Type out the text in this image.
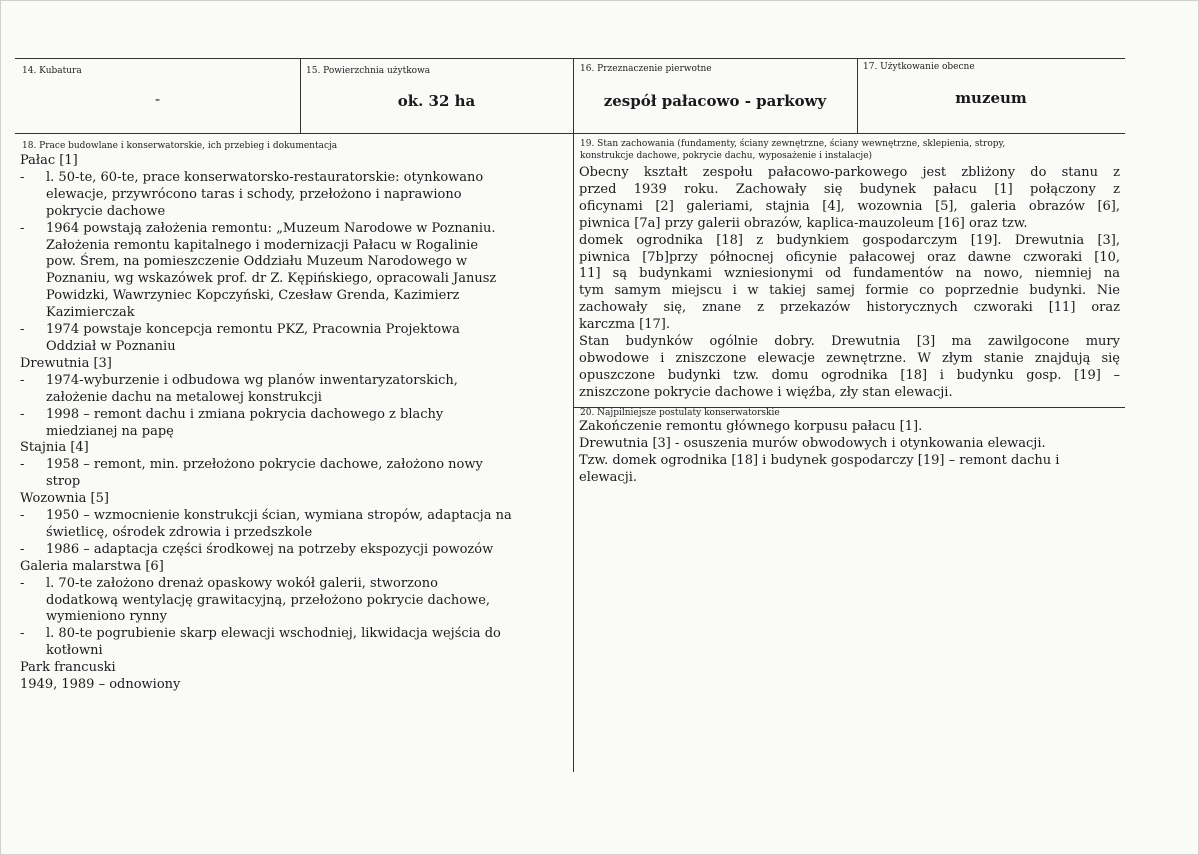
14. Kubatura
-
15. Powierzchnia użytkowa
ok. 32 ha
16. Przeznaczenie pierwotne
zespół pałacowo - parkowy
17. Użytkowanie obecne
muzeum
18. Prace budowlane i konserwatorskie, ich przebieg i dokumentacja
Pałac [1]
-	l. 50-te, 60-te, prace konserwatorsko-restauratorskie: otynkowano
elewacje, przywrócono taras i schody, przełożono i naprawiono
pokrycie dachowe
-	1964 powstają założenia remontu: „Muzeum Narodowe w Poznaniu.
Założenia remontu kapitalnego i modernizacji Pałacu w Rogalinie
pow. Śrem, na pomieszczenie Oddziału Muzeum Narodowego w
Poznaniu, wg wskazówek prof. dr Z. Kępińskiego, opracowali Janusz
Powidzki, Wawrzyniec Kopczyński, Czesław Grenda, Kazimierz
Kazimierczak
-	1974 powstaje koncepcja remontu PKZ, Pracownia Projektowa
Oddział w Poznaniu
Drewutnia [3]
-	1974-wyburzenie i odbudowa wg planów inwentaryzatorskich,
założenie dachu na metalowej konstrukcji
-	1998 – remont dachu i zmiana pokrycia dachowego z blachy
miedzianej na papę
Stajnia [4]
-	1958 – remont, min. przełożono pokrycie dachowe, założono nowy
strop
Wozownia [5]
-	1950 – wzmocnienie konstrukcji ścian, wymiana stropów, adaptacja na
świetlicę, ośrodek zdrowia i przedszkole
-	1986 – adaptacja części środkowej na potrzeby ekspozycji powozów
Galeria malarstwa [6]
-	l. 70-te założono drenaż opaskowy wokół galerii, stworzono
dodatkową wentylację grawitacyjną, przełożono pokrycie dachowe,
wymieniono rynny
-	l. 80-te pogrubienie skarp elewacji wschodniej, likwidacja wejścia do
kotłowni
Park francuski
1949, 1989 – odnowiony
19. Stan zachowania (fundamenty, ściany zewnętrzne, ściany wewnętrzne, sklepienia, stropy,
konstrukcje dachowe, pokrycie dachu, wyposażenie i instalacje)
Obecny kształt zespołu pałacowo-parkowego jest zbliżony do stanu z
przed 1939 roku. Zachowały się budynek pałacu [1] połączony z
oficynami [2] galeriami, stajnia [4], wozownia [5], galeria obrazów [6],
piwnica [7a] przy galerii obrazów, kaplica-mauzoleum [16] oraz tzw.
domek ogrodnika [18] z budynkiem gospodarczym [19]. Drewutnia [3],
piwnica [7b]przy północnej oficynie pałacowej oraz dawne czworaki [10,
11] są budynkami wzniesionymi od fundamentów na nowo, niemniej na
tym samym miejscu i w takiej samej formie co poprzednie budynki. Nie
zachowały się, znane z przekazów historycznych czworaki [11] oraz
karczma [17].
Stan budynków ogólnie dobry. Drewutnia [3] ma zawilgocone mury
obwodowe i zniszczone elewacje zewnętrzne. W złym stanie znajdują się
opuszczone budynki tzw. domu ogrodnika [18] i budynku gosp. [19] –
zniszczone pokrycie dachowe i więźba, zły stan elewacji.
20. Najpilniejsze postulaty konserwatorskie
Zakończenie remontu głównego korpusu pałacu [1].
Drewutnia [3] - osuszenia murów obwodowych i otynkowania elewacji.
Tzw. domek ogrodnika [18] i budynek gospodarczy [19] – remont dachu i
elewacji.
